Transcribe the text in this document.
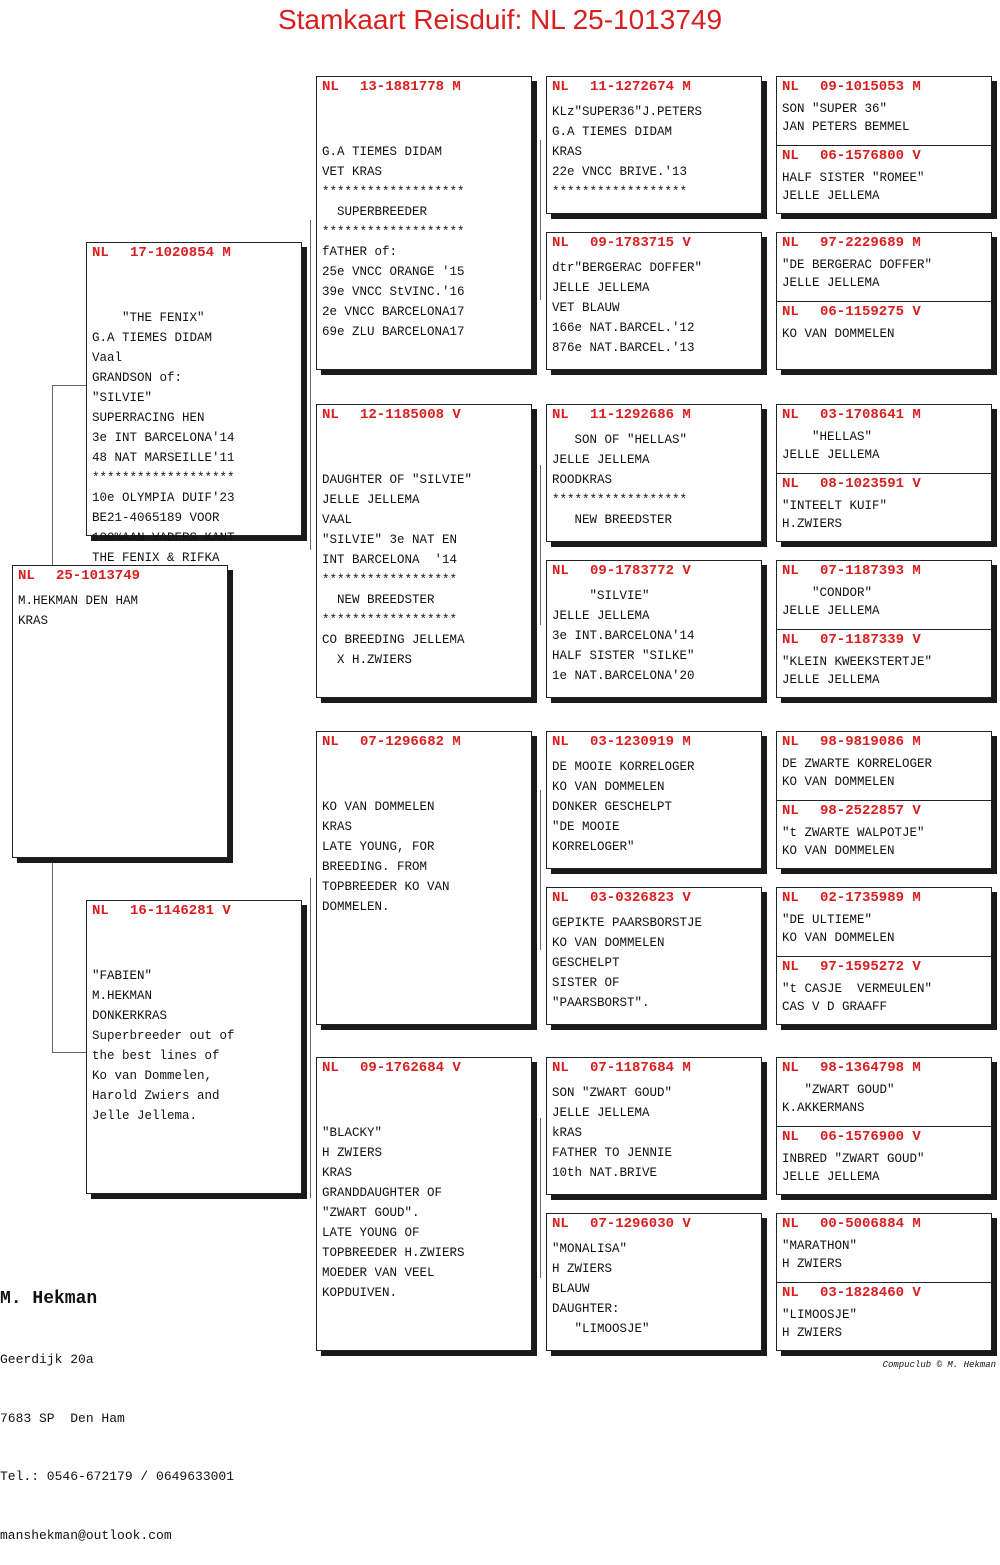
Stamkaart Reisduif: NL 25-1013749
NL 25-1013749
M.HEKMAN DEN HAM
KRAS
NL 17-1020854 M

"THE FENIX"
G.A TIEMES DIDAM
Vaal
GRANDSON of:
"SILVIE"
SUPERRACING HEN
3e INT BARCELONA'14
48 NAT MARSEILLE'11
*******************
10e OLYMPIA DUIF'23
BE21-4065189 VOOR
100%AAN VADERS KANT
THE FENIX & RIFKA

NL 16-1146281 V

"FABIEN"
M.HEKMAN
DONKERKRAS
Superbreeder out of
the best lines of
Ko van Dommelen,
Harold Zwiers and
Jelle Jellema.

NL 13-1881778 M

G.A TIEMES DIDAM
VET KRAS
*******************
SUPERBREEDER
*******************
fATHER of:
25e VNCC ORANGE '15
39e VNCC StVINC.'16
2e VNCC BARCELONA17
69e ZLU BARCELONA17

NL 12-1185008 V

DAUGHTER OF "SILVIE"
JELLE JELLEMA
VAAL
"SILVIE" 3e NAT EN
INT BARCELONA  '14
******************
NEW BREEDSTER
******************
CO BREEDING JELLEMA
X H.ZWIERS

NL 07-1296682 M

KO VAN DOMMELEN
KRAS
LATE YOUNG, FOR
BREEDING. FROM
TOPBREEDER KO VAN
DOMMELEN.

NL 09-1762684 V

"BLACKY"
H ZWIERS
KRAS
GRANDDAUGHTER OF
"ZWART GOUD".
LATE YOUNG OF
TOPBREEDER H.ZWIERS
MOEDER VAN VEEL
KOPDUIVEN.

NL 11-1272674 M
KLz"SUPER36"J.PETERS
G.A TIEMES DIDAM
KRAS
22e VNCC BRIVE.'13
******************
NL 09-1783715 V
dtr"BERGERAC DOFFER"
JELLE JELLEMA
VET BLAUW
166e NAT.BARCEL.'12
876e NAT.BARCEL.'13
NL 11-1292686 M
SON OF "HELLAS"
JELLE JELLEMA
ROODKRAS
******************
NEW BREEDSTER
NL 09-1783772 V
"SILVIE"
JELLE JELLEMA
3e INT.BARCELONA'14
HALF SISTER "SILKE"
1e NAT.BARCELONA'20
NL 03-1230919 M
DE MOOIE KORRELOGER
KO VAN DOMMELEN
DONKER GESCHELPT
"DE MOOIE
KORRELOGER"
NL 03-0326823 V
GEPIKTE PAARSBORSTJE
KO VAN DOMMELEN
GESCHELPT
SISTER OF
"PAARSBORST".
NL 07-1187684 M
SON "ZWART GOUD"
JELLE JELLEMA
kRAS
FATHER TO JENNIE
10th NAT.BRIVE
NL 07-1296030 V
"MONALISA"
H ZWIERS
BLAUW
DAUGHTER:
"LIMOOSJE"
NL 09-1015053 M
SON "SUPER 36"
JAN PETERS BEMMEL
NL 06-1576800 V
HALF SISTER "ROMEE"
JELLE JELLEMA
NL 97-2229689 M
"DE BERGERAC DOFFER"
JELLE JELLEMA
NL 06-1159275 V
KO VAN DOMMELEN
NL 03-1708641 M
"HELLAS"
JELLE JELLEMA
NL 08-1023591 V
"INTEELT KUIF"
H.ZWIERS
NL 07-1187393 M
"CONDOR"
JELLE JELLEMA
NL 07-1187339 V
"KLEIN KWEEKSTERTJE"
JELLE JELLEMA
NL 98-9819086 M
DE ZWARTE KORRELOGER
KO VAN DOMMELEN
NL 98-2522857 V
"t ZWARTE WALPOTJE"
KO VAN DOMMELEN
NL 02-1735989 M
"DE ULTIEME"
KO VAN DOMMELEN
NL 97-1595272 V
"t CASJE  VERMEULEN"
CAS V D GRAAFF
NL 98-1364798 M
"ZWART GOUD"
K.AKKERMANS
NL 06-1576900 V
INBRED "ZWART GOUD"
JELLE JELLEMA
NL 00-5006884 M
"MARATHON"
H ZWIERS
NL 03-1828460 V
"LIMOOSJE"
H ZWIERS

M. Hekman

Geerdijk 20a

7683 SP  Den Ham

Tel.: 0546-672179 / 0649633001

manshekman@outlook.com

Compuclub © M. Hekman
